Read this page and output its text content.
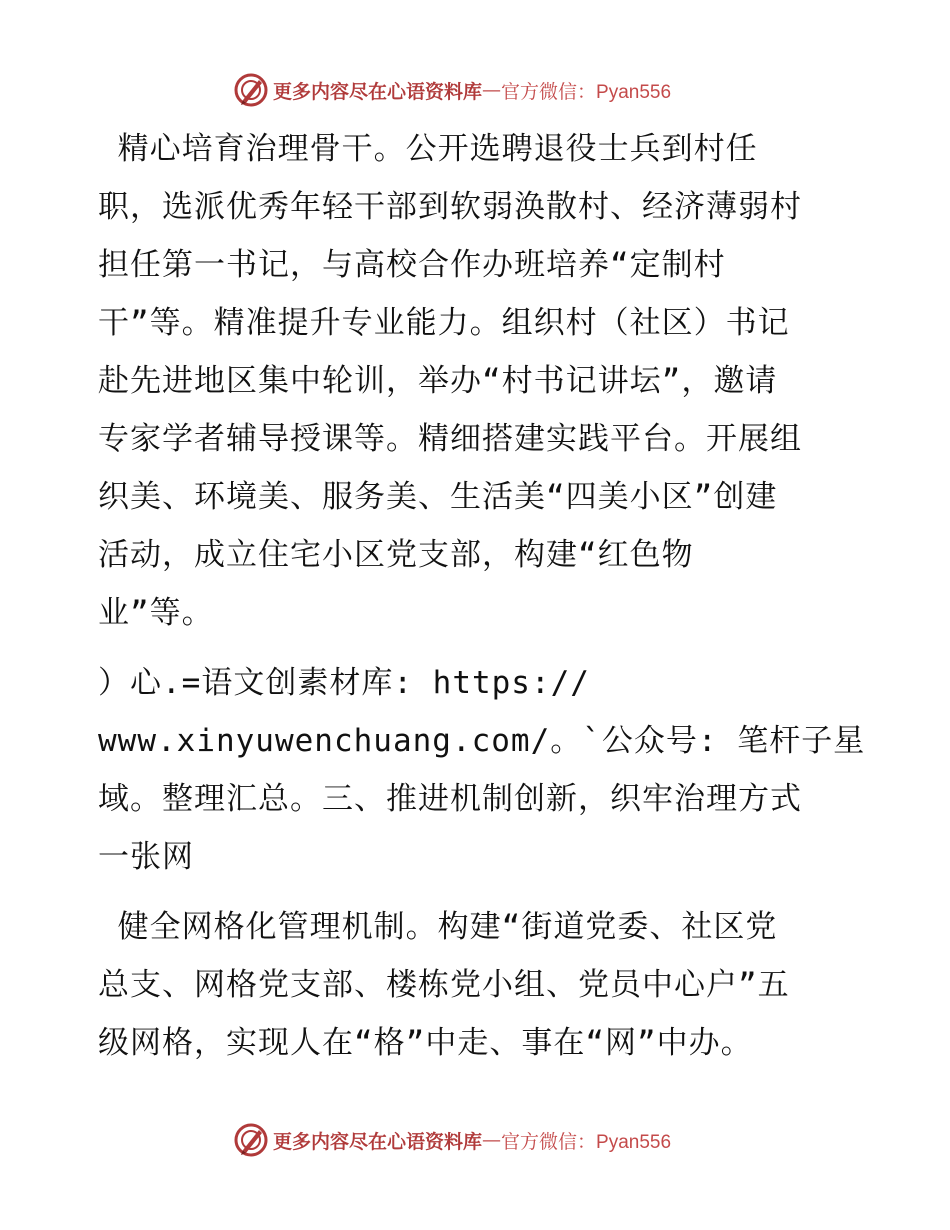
更多内容尽在心语资料库 — 官方微信：Pyan556
精心培育治理骨干。公开选聘退役士兵到村任
职，选派优秀年轻干部到软弱涣散村、经济薄弱村
担任第一书记，与高校合作办班培养“定制村
干”等。精准提升专业能力。组织村（社区）书记
赴先进地区集中轮训，举办“村书记讲坛”，邀请
专家学者辅导授课等。精细搭建实践平台。开展组
织美、环境美、服务美、生活美“四美小区”创建
活动，成立住宅小区党支部，构建“红色物
业”等。
）心.=语文创素材库: https://
www.xinyuwenchuang.com/。`公众号: 笔杆子星
域。整理汇总。三、推进机制创新，织牢治理方式
一张网
健全网格化管理机制。构建“街道党委、社区党
总支、网格党支部、楼栋党小组、党员中心户”五
级网格，实现人在“格”中走、事在“网”中办。
更多内容尽在心语资料库 — 官方微信：Pyan556
